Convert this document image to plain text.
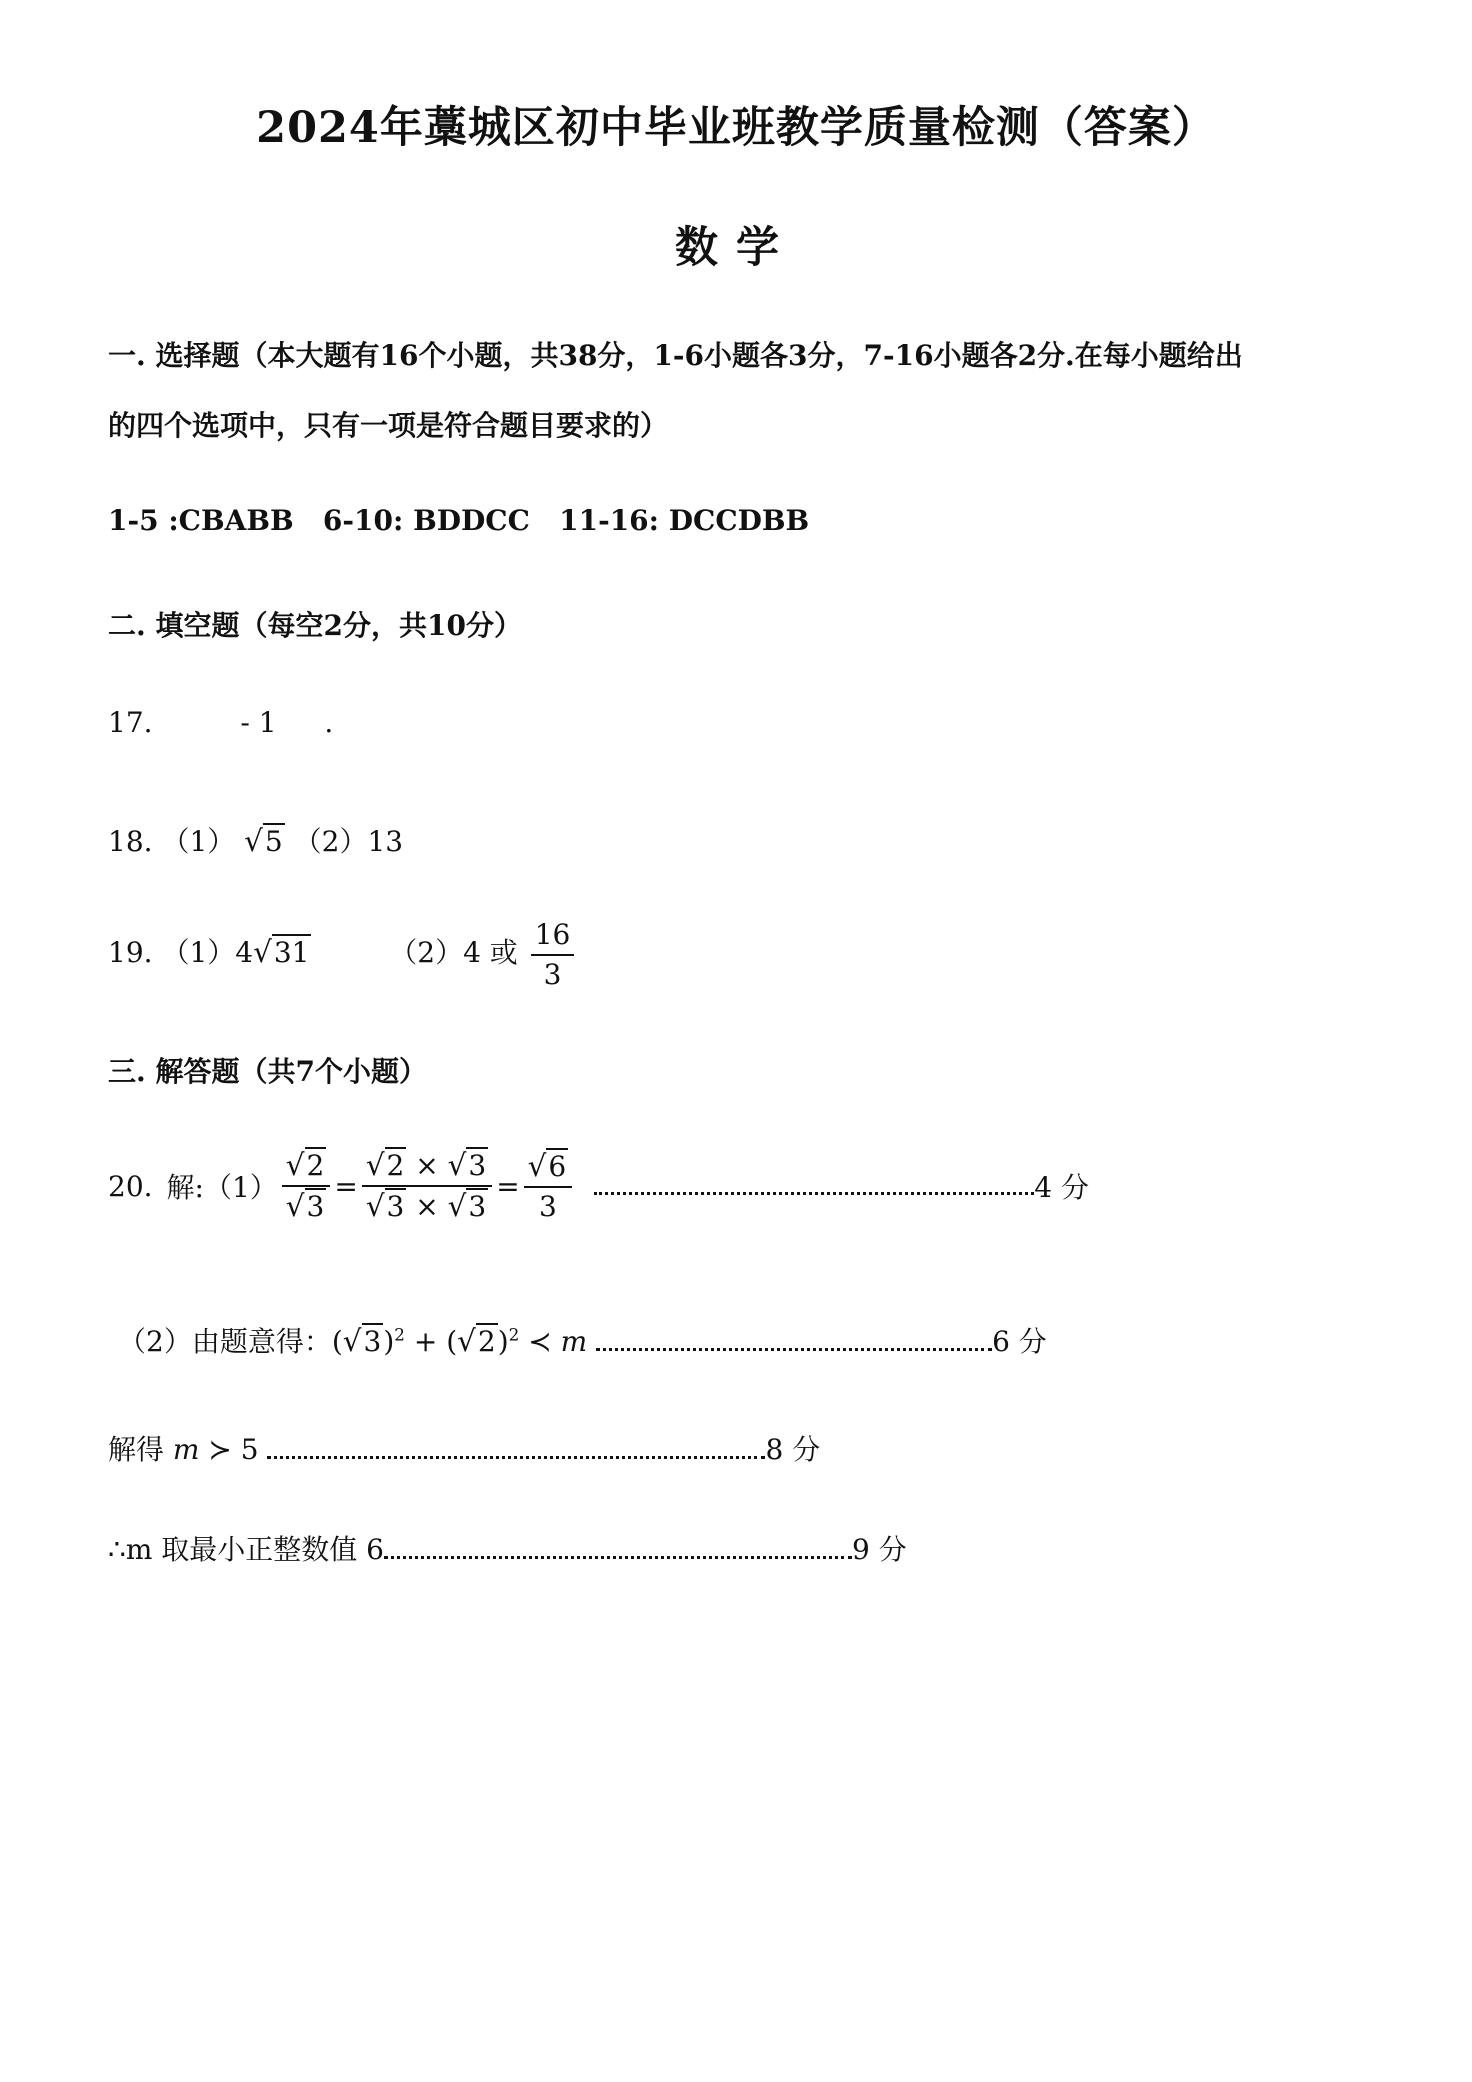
2024年藁城区初中毕业班教学质量检测（答案）
数学
一. 选择题（本大题有16个小题，共38分，1-6小题各3分，7-16小题各2分.在每小题给出
的四个选项中，只有一项是符合题目要求的）
1-5 :CBABB   6-10: BDDCC   11-16: DCCDBB
二. 填空题（每空2分，共10分）
17.	- 1 .
18. （1） √5 （2）13
19. （1）4√31	（2）4 或 $\frac{16}{3}$
三. 解答题（共7个小题）
20. 解:（1） $\frac{√2}{√3} = \frac{√2 \times √3}{√3 \times √3} = \frac{√6}{3}$	4 分
（2）由题意得：$(√3)^2 + (√2)^2$ ≺ m	6 分
解得 m ≻ 5	8 分
∴m 取最小正整数值 6	9 分
